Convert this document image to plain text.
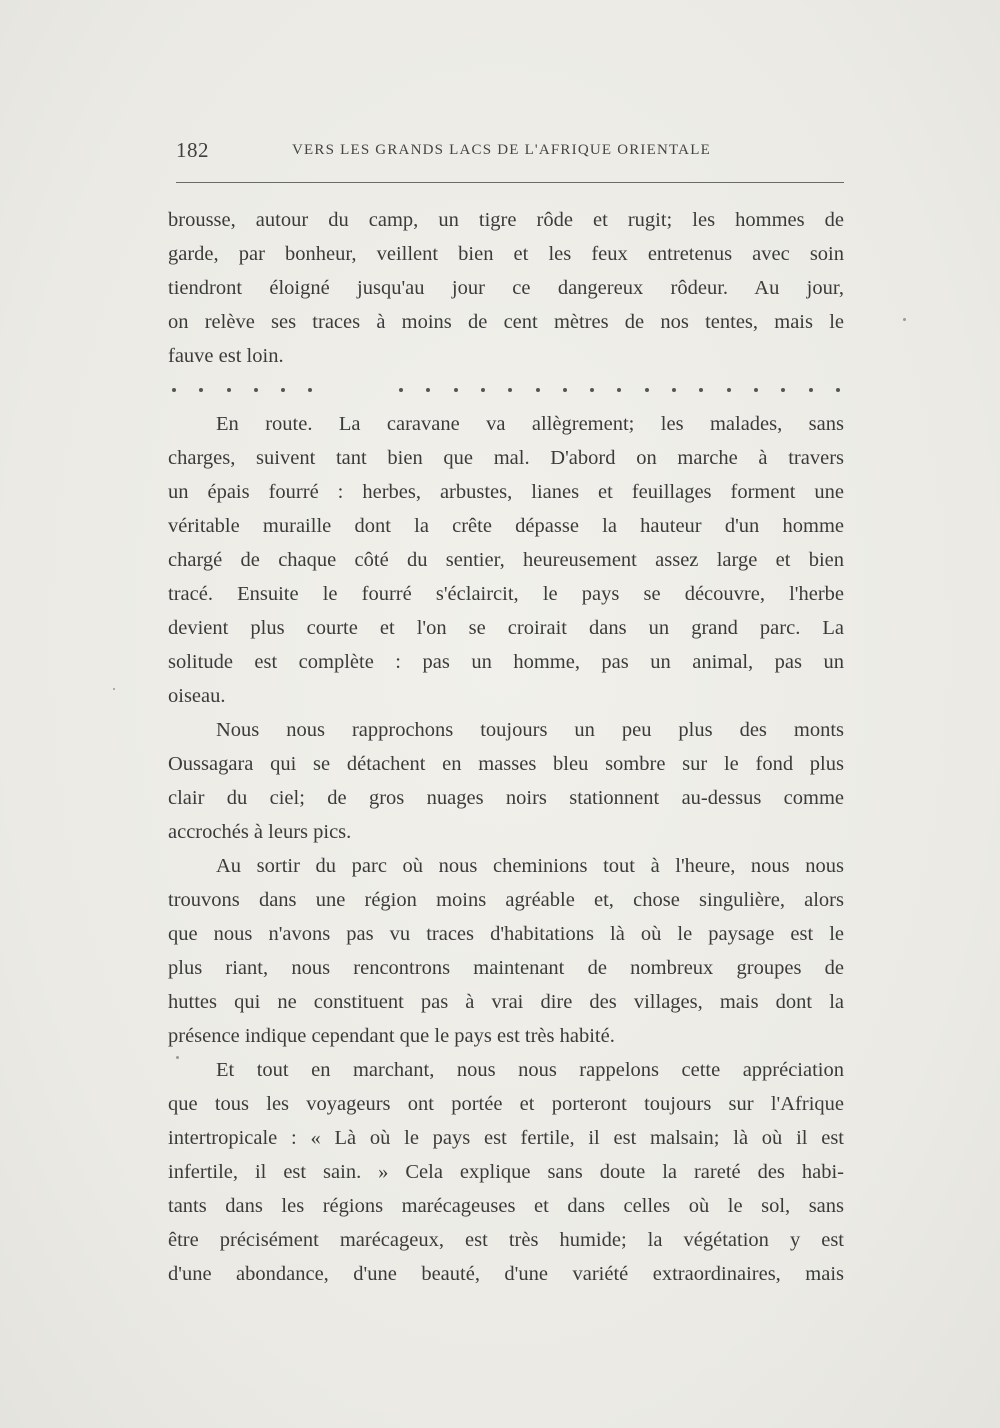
182	VERS LES GRANDS LACS DE L'AFRIQUE ORIENTALE
brousse, autour du camp, un tigre rôde et rugit; les hommes de
garde, par bonheur, veillent bien et les feux entretenus avec soin
tiendront éloigné jusqu'au jour ce dangereux rôdeur. Au jour,
on relève ses traces à moins de cent mètres de nos tentes, mais le
fauve est loin.
En route. La caravane va allègrement; les malades, sans
charges, suivent tant bien que mal. D'abord on marche à travers
un épais fourré : herbes, arbustes, lianes et feuillages forment une
véritable muraille dont la crête dépasse la hauteur d'un homme
chargé de chaque côté du sentier, heureusement assez large et bien
tracé. Ensuite le fourré s'éclaircit, le pays se découvre, l'herbe
devient plus courte et l'on se croirait dans un grand parc. La
solitude est complète : pas un homme, pas un animal, pas un
oiseau.
Nous nous rapprochons toujours un peu plus des monts
Oussagara qui se détachent en masses bleu sombre sur le fond plus
clair du ciel; de gros nuages noirs stationnent au-dessus comme
accrochés à leurs pics.
Au sortir du parc où nous cheminions tout à l'heure, nous nous
trouvons dans une région moins agréable et, chose singulière, alors
que nous n'avons pas vu traces d'habitations là où le paysage est le
plus riant, nous rencontrons maintenant de nombreux groupes de
huttes qui ne constituent pas à vrai dire des villages, mais dont la
présence indique cependant que le pays est très habité.
Et tout en marchant, nous nous rappelons cette appréciation
que tous les voyageurs ont portée et porteront toujours sur l'Afrique
intertropicale : « Là où le pays est fertile, il est malsain; là où il est
infertile, il est sain. » Cela explique sans doute la rareté des habi-
tants dans les régions marécageuses et dans celles où le sol, sans
être précisément marécageux, est très humide; la végétation y est
d'une abondance, d'une beauté, d'une variété extraordinaires, mais
